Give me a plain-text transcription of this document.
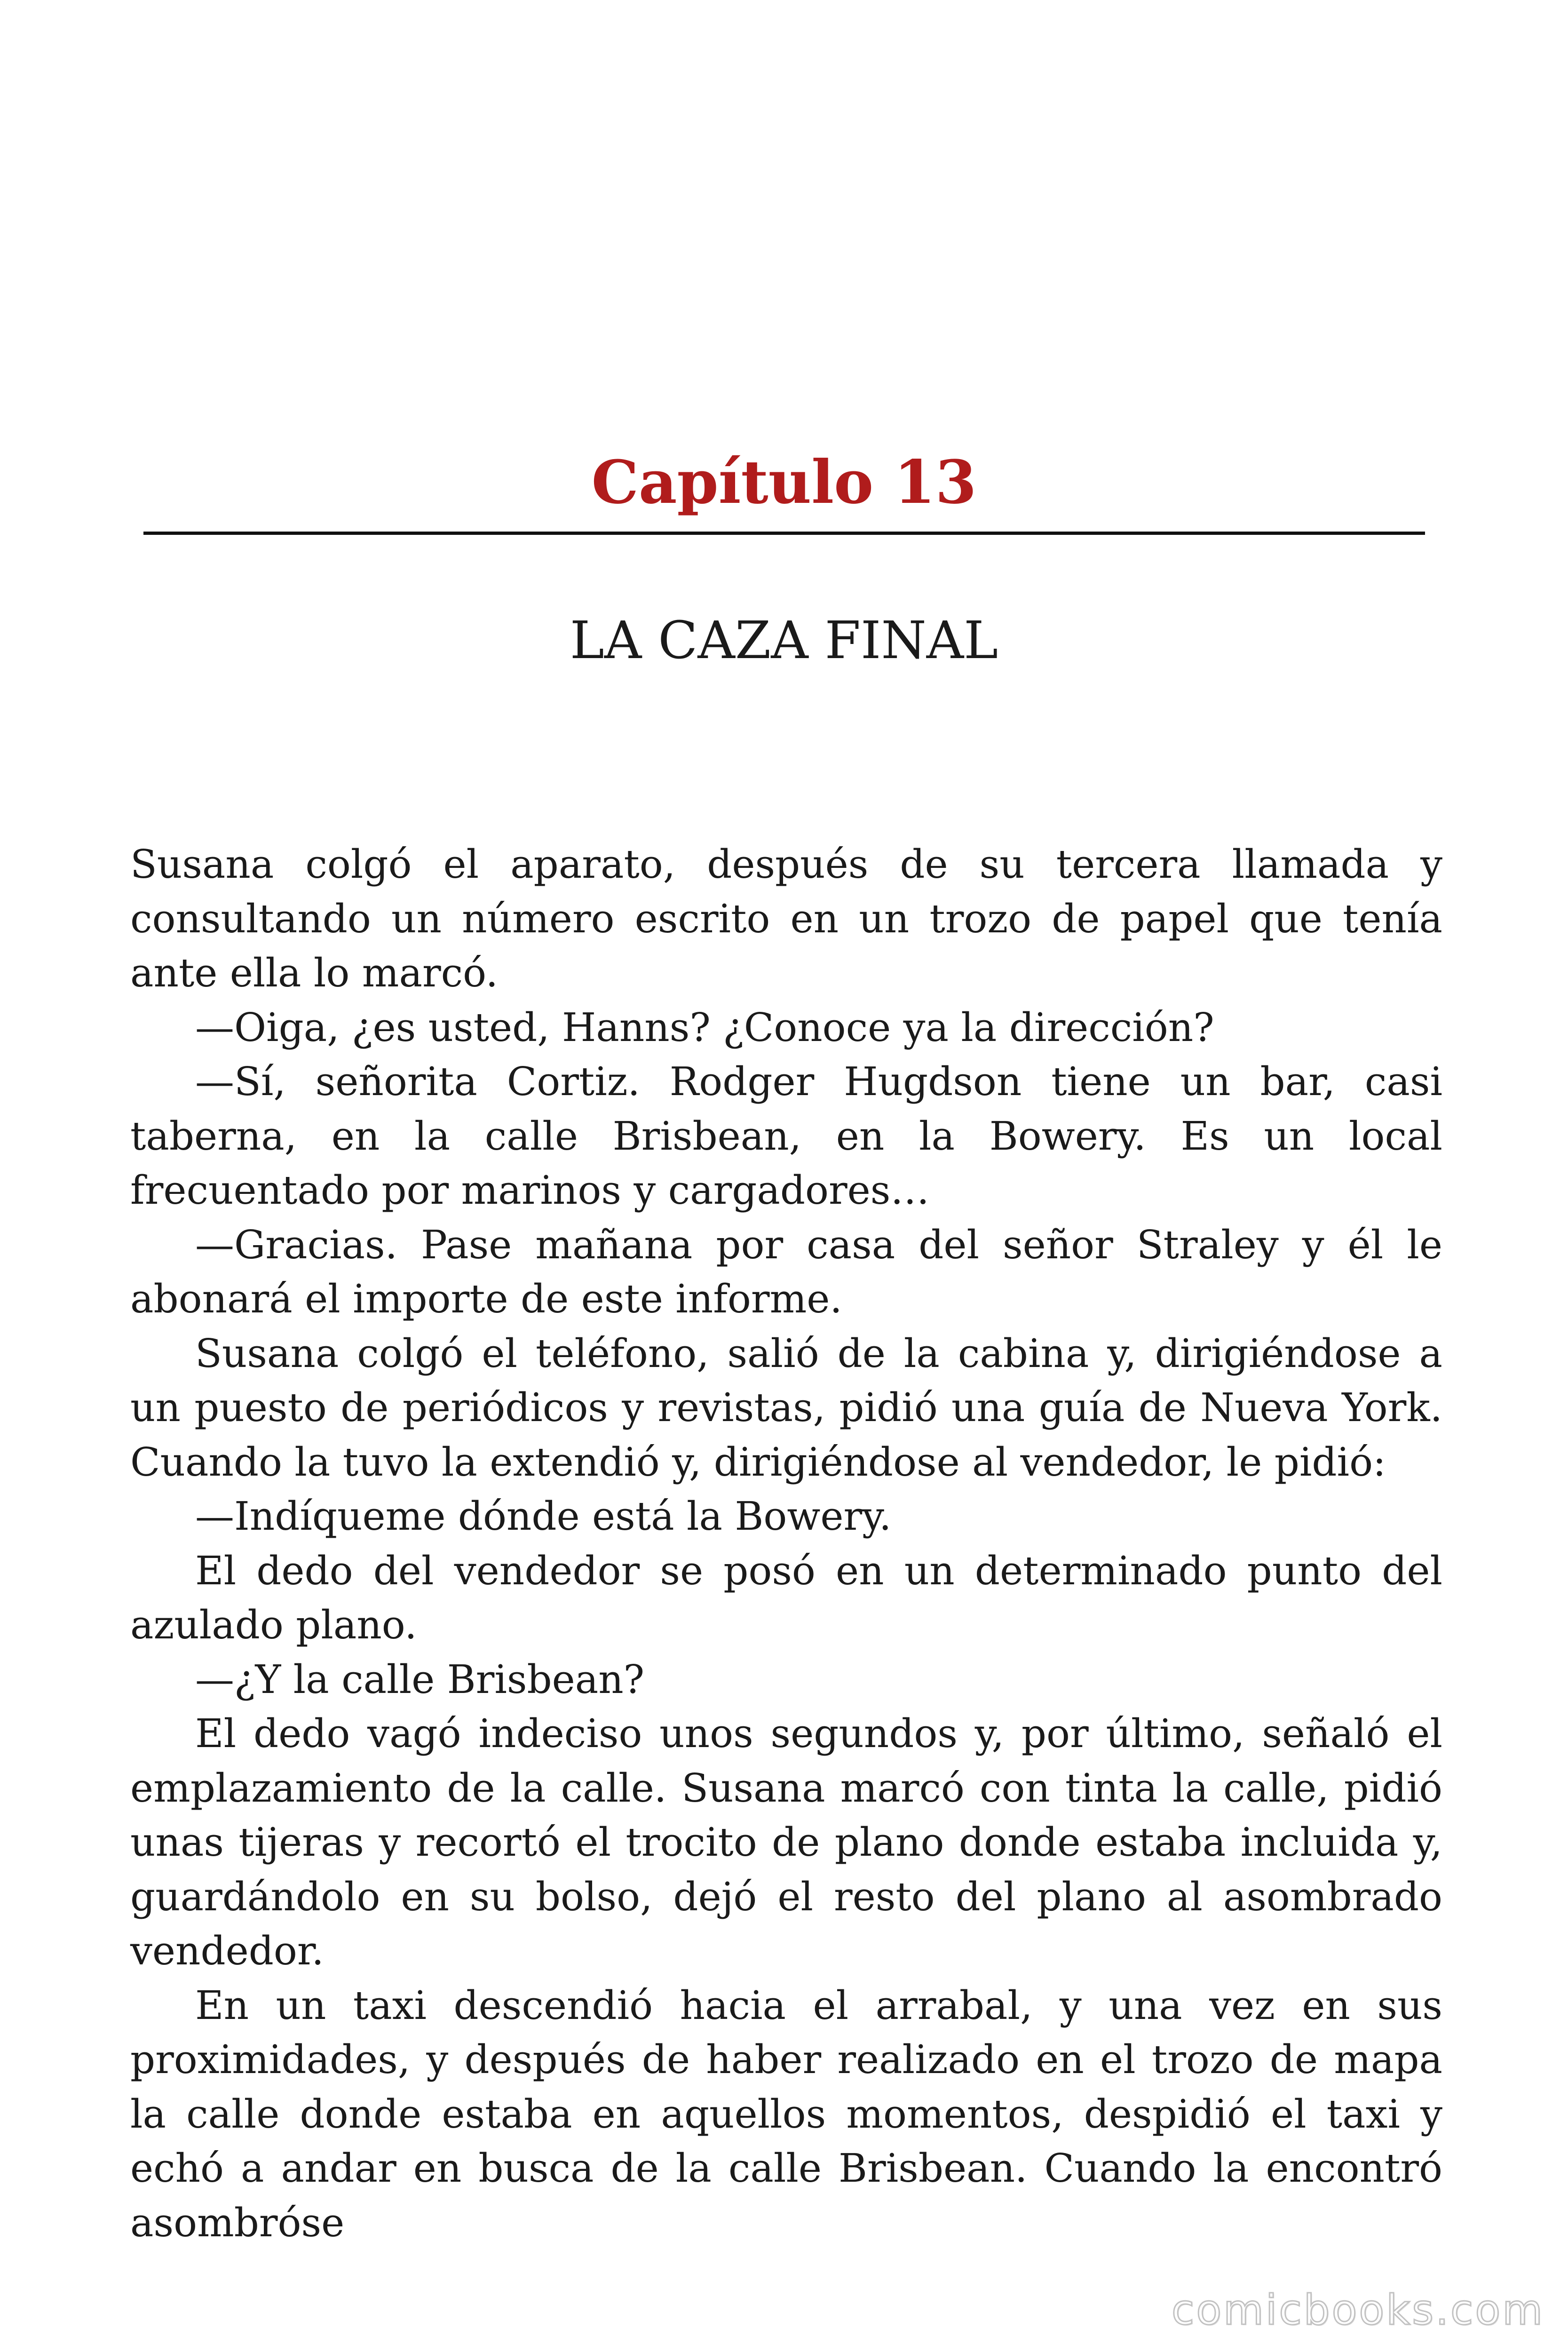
Capítulo 13
LA CAZA FINAL

Susana colgó el aparato, después de su tercera llamada y consultando un número escrito en un trozo de papel que tenía ante ella lo marcó.

—Oiga, ¿es usted, Hanns? ¿Conoce ya la dirección?

—Sí, señorita Cortiz. Rodger Hugdson tiene un bar, casi taberna, en la calle Brisbean, en la Bowery. Es un local frecuentado por marinos y cargadores…

—Gracias. Pase mañana por casa del señor Straley y él le abonará el importe de este informe.

Susana colgó el teléfono, salió de la cabina y, dirigiéndose a un puesto de periódicos y revistas, pidió una guía de Nueva York. Cuando la tuvo la extendió y, dirigiéndose al vendedor, le pidió:

—Indíqueme dónde está la Bowery.

El dedo del vendedor se posó en un determinado punto del azulado plano.

—¿Y la calle Brisbean?

El dedo vagó indeciso unos segundos y, por último, señaló el emplazamiento de la calle. Susana marcó con tinta la calle, pidió unas tijeras y recortó el trocito de plano donde estaba incluida y, guardándolo en su bolso, dejó el resto del plano al asombrado vendedor.

En un taxi descendió hacia el arrabal, y una vez en sus proximidades, y después de haber realizado en el trozo de mapa la calle donde estaba en aquellos momentos, despidió el taxi y echó a andar en busca de la calle Brisbean. Cuando la encontró asombróse

comicbooks.com
